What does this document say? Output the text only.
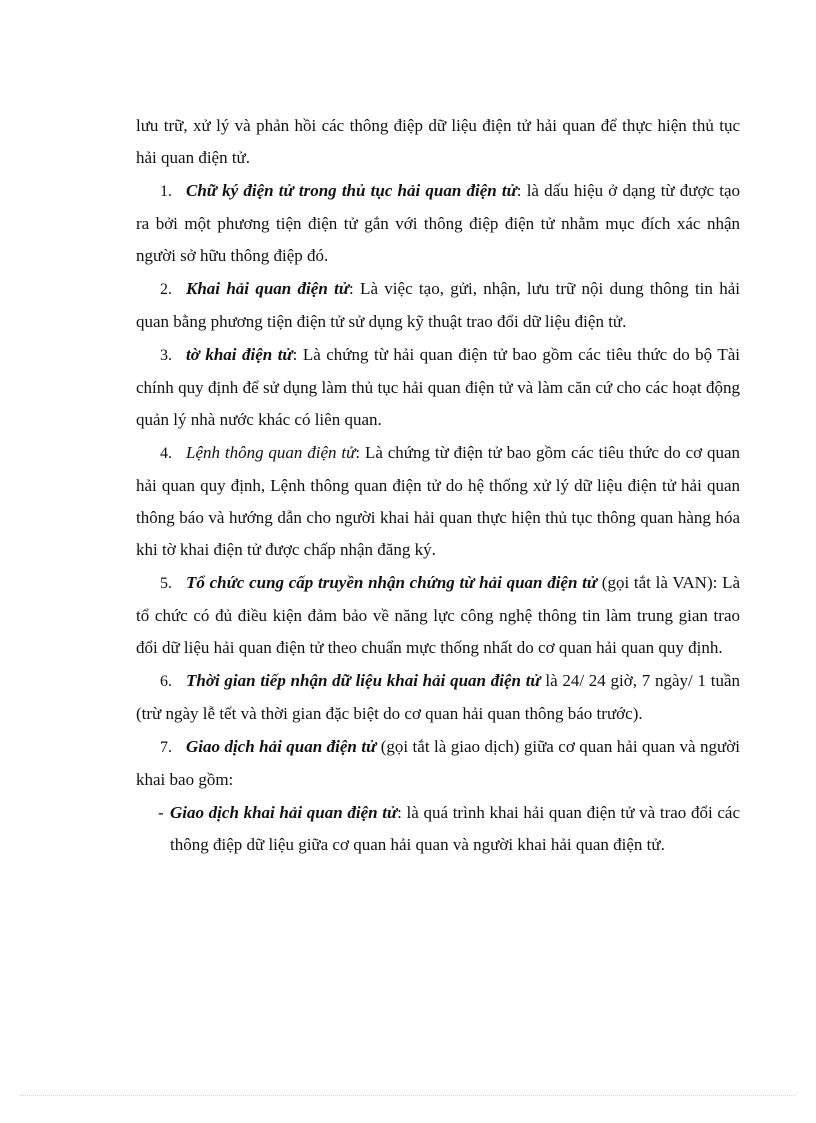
lưu trữ, xử lý và phản hồi các thông điệp dữ liệu điện tử hải quan để thực hiện thủ tục hải quan điện tử.

1. Chữ ký điện tử trong thủ tục hải quan điện tử: là dấu hiệu ở dạng từ được tạo ra bởi một phương tiện điện tử gắn với thông điệp điện tử nhằm mục đích xác nhận người sở hữu thông điệp đó.

2. Khai hải quan điện tử: Là việc tạo, gửi, nhận, lưu trữ nội dung thông tin hải quan bằng phương tiện điện tử sử dụng kỹ thuật trao đổi dữ liệu điện tử.

3. tờ khai điện tử: Là chứng từ hải quan điện tử bao gồm các tiêu thức do bộ Tài chính quy định để sử dụng làm thủ tục hải quan điện tử và làm căn cứ cho các hoạt động quản lý nhà nước khác có liên quan.

4. Lệnh thông quan điện tử: Là chứng từ điện tử bao gồm các tiêu thức do cơ quan hải quan quy định, Lệnh thông quan điện tử do hệ thống xử lý dữ liệu điện tử hải quan thông báo và hướng dẫn cho người khai hải quan thực hiện thủ tục thông quan hàng hóa khi tờ khai điện tử được chấp nhận đăng ký.

5. Tổ chức cung cấp truyền nhận chứng từ hải quan điện tử (gọi tắt là VAN): Là tổ chức có đủ điều kiện đảm bảo về năng lực công nghệ thông tin làm trung gian trao đổi dữ liệu hải quan điện tử theo chuẩn mực thống nhất do cơ quan hải quan quy định.

6. Thời gian tiếp nhận dữ liệu khai hải quan điện tử là 24/ 24 giờ, 7 ngày/ 1 tuần (trừ ngày lễ tết và thời gian đặc biệt do cơ quan hải quan thông báo trước).

7. Giao dịch hải quan điện tử (gọi tắt là giao dịch) giữa cơ quan hải quan và người khai bao gồm:

- Giao dịch khai hải quan điện tử: là quá trình khai hải quan điện tử và trao đổi các thông điệp dữ liệu giữa cơ quan hải quan và người khai hải quan điện tử.
